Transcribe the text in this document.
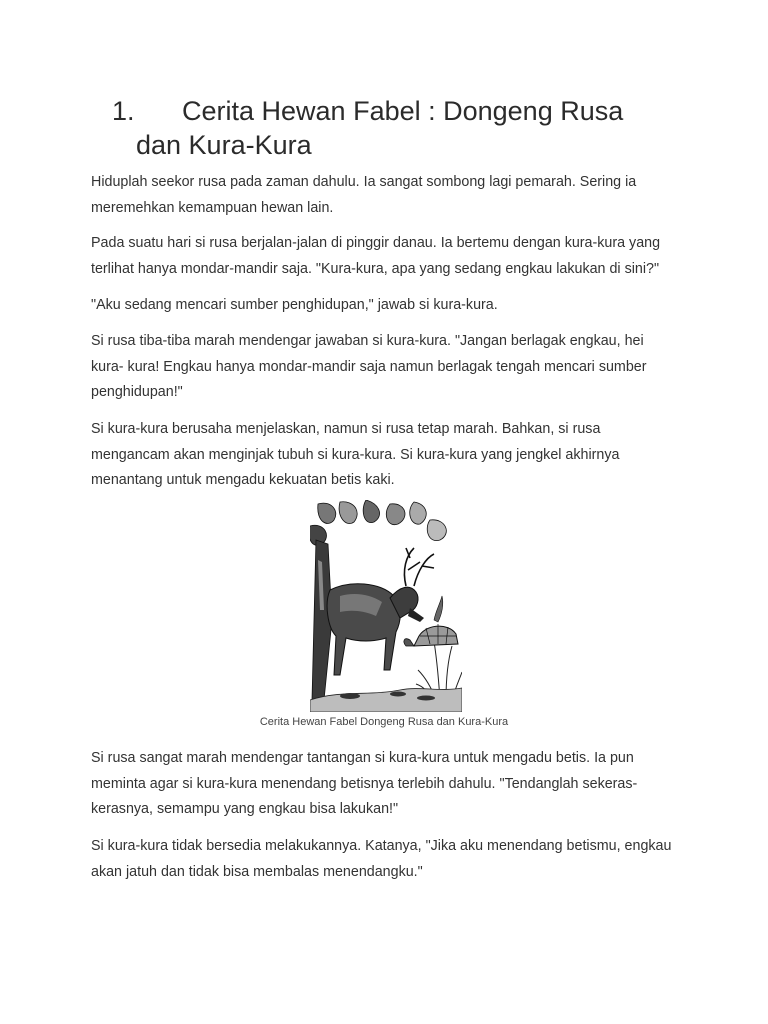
1. Cerita Hewan Fabel : Dongeng Rusa
dan Kura-Kura

Hiduplah seekor rusa pada zaman dahulu. Ia sangat sombong lagi pemarah. Sering ia
meremehkan kemampuan hewan lain.

Pada suatu hari si rusa berjalan-jalan di pinggir danau. Ia bertemu dengan kura-kura yang
terlihat hanya mondar-mandir saja. "Kura-kura, apa yang sedang engkau lakukan di sini?"

"Aku sedang mencari sumber penghidupan," jawab si kura-kura.

Si rusa tiba-tiba marah mendengar jawaban si kura-kura. "Jangan berlagak engkau, hei
kura- kura! Engkau hanya mondar-mandir saja namun berlagak tengah mencari sumber
penghidupan!"

Si kura-kura berusaha menjelaskan, namun si rusa tetap marah. Bahkan, si rusa
mengancam akan menginjak tubuh si kura-kura. Si kura-kura yang jengkel akhirnya
menantang untuk mengadu kekuatan betis kaki.

Cerita Hewan Fabel Dongeng Rusa dan Kura-Kura

Si rusa sangat marah mendengar tantangan si kura-kura untuk mengadu betis. Ia pun
meminta agar si kura-kura menendang betisnya terlebih dahulu. "Tendanglah sekeras-
kerasnya, semampu yang engkau bisa lakukan!"

Si kura-kura tidak bersedia melakukannya. Katanya, "Jika aku menendang betismu, engkau
akan jatuh dan tidak bisa membalas menendangku."
